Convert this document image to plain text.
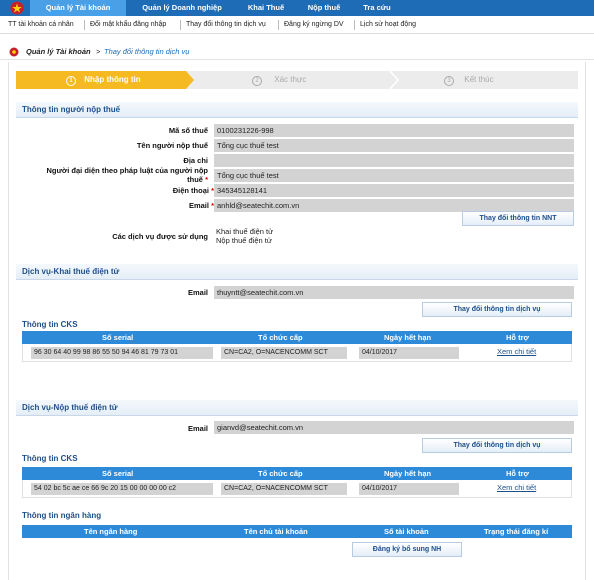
Quản lý Tài khoản	Quản lý Doanh nghiệp	Khai Thuế	Nộp thuế	Tra cứu
TT tài khoản cá nhân Đổi mật khẩu đăng nhập	Thay đổi thông tin dịch vụ	Đăng ký ngừng DV Lịch sử hoạt động
Quản lý Tài khoản > Thay đổi thông tin dịch vụ
1 Nhập thông tin	2 Xác thực	3 Kết thúc
Thông tin người nộp thuế
Mã số thuế	0100231226-998
Tên người nộp thuế	Tổng cục thuế test
Địa chỉ
Người đại diện theo pháp luật của người nộp thuế *	Tổng cục thuế test
Điện thoại * 345345128141
Email * anhld@seatechit.com.vn
Thay đổi thông tin NNT
Các dịch vụ được sử dụng
Khai thuế điện tử
Nộp thuế điện tử
Dịch vụ-Khai thuế điện tử
Email	thuyntt@seatechit.com.vn
Thay đổi thông tin dịch vụ
Thông tin CKS
Số serial	Tổ chức cấp	Ngày hết hạn	Hỗ trợ
96 30 64 40 99 98 86 55 50 94 46 81 79 73 01	CN=CA2, O=NACENCOMM SCT	04/10/2017	Xem chi tiết
Dịch vụ-Nộp thuế điện tử
Email	gianvd@seatechit.com.vn
Thay đổi thông tin dịch vụ
Thông tin CKS
Số serial	Tổ chức cấp	Ngày hết hạn	Hỗ trợ
54 02 bc 5c ae ce 66 9c 20 15 00 00 00 00 c2	CN=CA2, O=NACENCOMM SCT	04/10/2017	Xem chi tiết
Thông tin ngân hàng
Tên ngân hàng	Tên chủ tài khoản	Số tài khoản	Trạng thái đăng kí
Đăng ký bổ sung NH
